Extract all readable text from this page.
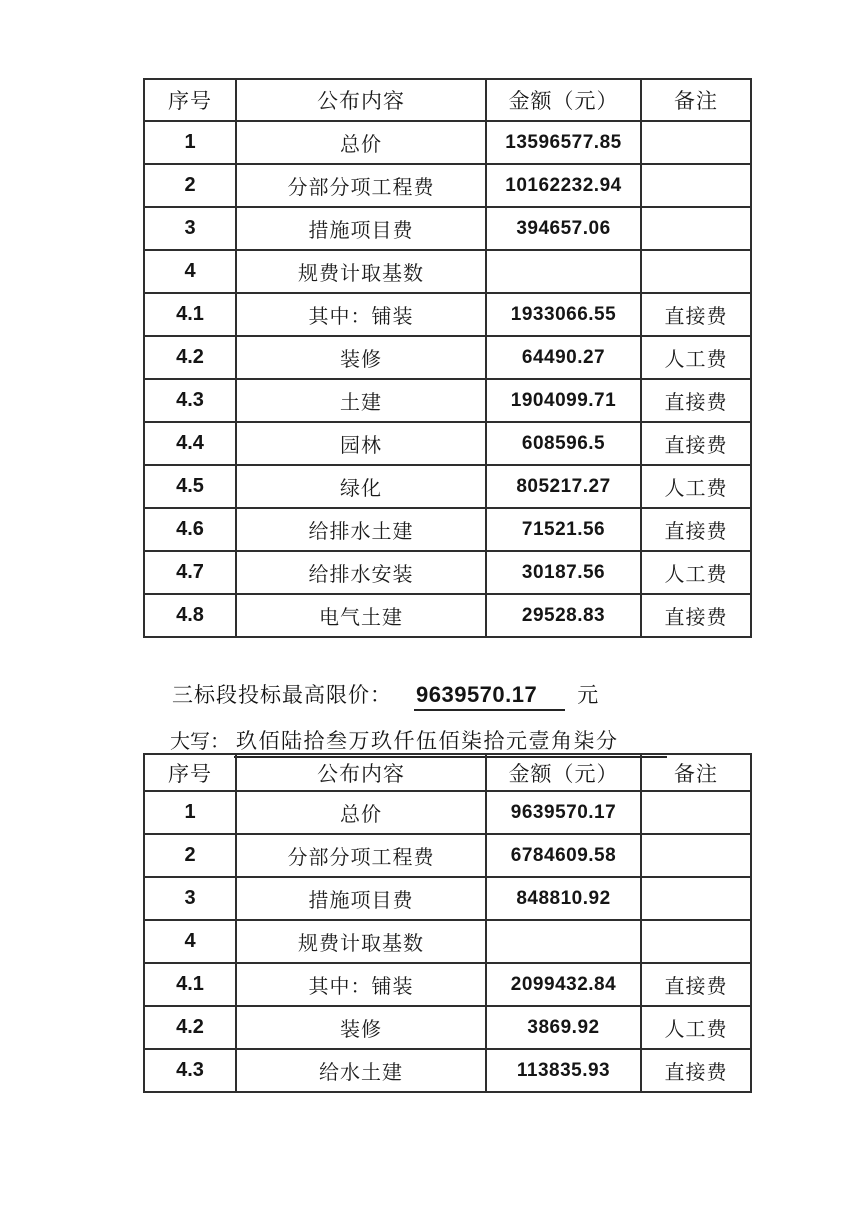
序号	公布内容	金额（元）	备注
1	总价	13596577.85	
2	分部分项工程费	10162232.94	
3	措施项目费	394657.06	
4	规费计取基数		
4.1	其中：铺装	1933066.55	直接费
4.2	装修	64490.27	人工费
4.3	土建	1904099.71	直接费
4.4	园林	608596.5	直接费
4.5	绿化	805217.27	人工费
4.6	给排水土建	71521.56	直接费
4.7	给排水安装	30187.56	人工费
4.8	电气土建	29528.83	直接费
三标段投标最高限价： 9639570.17 元
大写： 玖佰陆拾叁万玖仟伍佰柒拾元壹角柒分
序号	公布内容	金额（元）	备注
1	总价	9639570.17	
2	分部分项工程费	6784609.58	
3	措施项目费	848810.92	
4	规费计取基数		
4.1	其中：铺装	2099432.84	直接费
4.2	装修	3869.92	人工费
4.3	给水土建	113835.93	直接费
